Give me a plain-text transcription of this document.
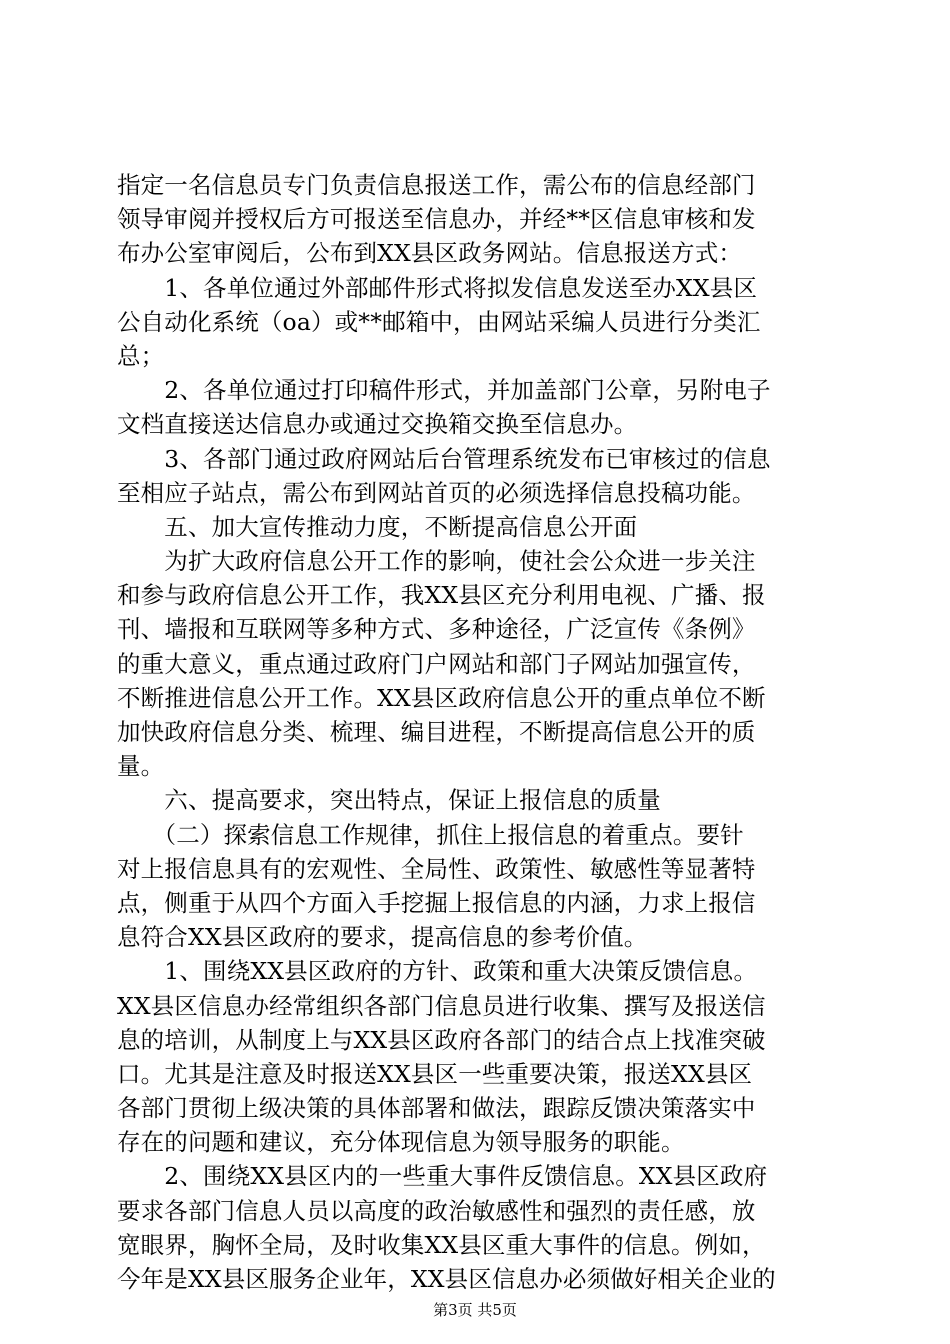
指定一名信息员专门负责信息报送工作，需公布的信息经部门
领导审阅并授权后方可报送至信息办，并经**区信息审核和发
布办公室审阅后，公布到XX县区政务网站。信息报送方式：
　　1、各单位通过外部邮件形式将拟发信息发送至办XX县区
公自动化系统（oa）或**邮箱中，由网站采编人员进行分类汇
总；
　　2、各单位通过打印稿件形式，并加盖部门公章，另附电子
文档直接送达信息办或通过交换箱交换至信息办。
　　3、各部门通过政府网站后台管理系统发布已审核过的信息
至相应子站点，需公布到网站首页的必须选择信息投稿功能。
　　五、加大宣传推动力度，不断提高信息公开面
　　为扩大政府信息公开工作的影响，使社会公众进一步关注
和参与政府信息公开工作，我XX县区充分利用电视、广播、报
刊、墙报和互联网等多种方式、多种途径，广泛宣传《条例》
的重大意义，重点通过政府门户网站和部门子网站加强宣传，
不断推进信息公开工作。XX县区政府信息公开的重点单位不断
加快政府信息分类、梳理、编目进程，不断提高信息公开的质
量。
　　六、提高要求，突出特点，保证上报信息的质量
　　（二）探索信息工作规律，抓住上报信息的着重点。要针
对上报信息具有的宏观性、全局性、政策性、敏感性等显著特
点，侧重于从四个方面入手挖掘上报信息的内涵，力求上报信
息符合XX县区政府的要求，提高信息的参考价值。
　　1、围绕XX县区政府的方针、政策和重大决策反馈信息。
XX县区信息办经常组织各部门信息员进行收集、撰写及报送信
息的培训，从制度上与XX县区政府各部门的结合点上找准突破
口。尤其是注意及时报送XX县区一些重要决策，报送XX县区
各部门贯彻上级决策的具体部署和做法，跟踪反馈决策落实中
存在的问题和建议，充分体现信息为领导服务的职能。
　　2、围绕XX县区内的一些重大事件反馈信息。XX县区政府
要求各部门信息人员以高度的政治敏感性和强烈的责任感，放
宽眼界，胸怀全局，及时收集XX县区重大事件的信息。例如，
今年是XX县区服务企业年，XX县区信息办必须做好相关企业的
第3页 共5页
